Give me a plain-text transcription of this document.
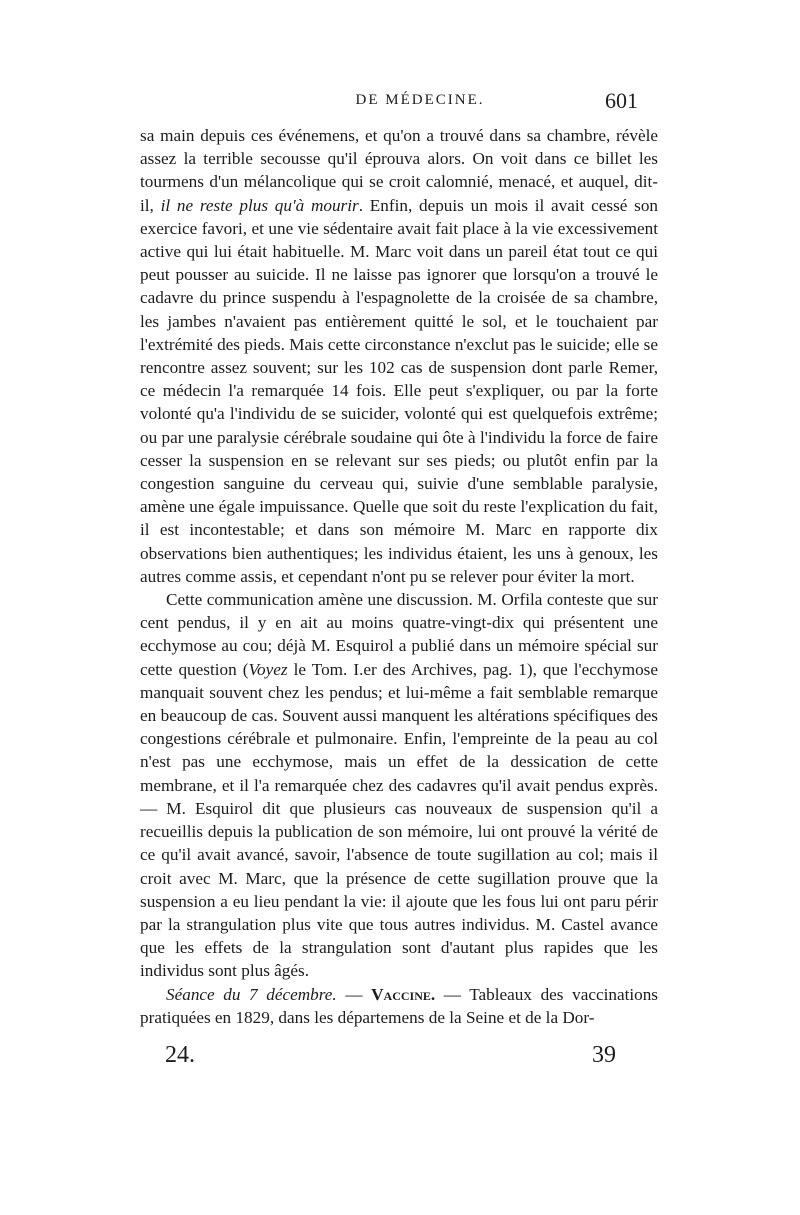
DE MÉDECINE.	601

sa main depuis ces événemens, et qu'on a trouvé dans sa chambre, révèle assez la terrible secousse qu'il éprouva alors. On voit dans ce billet les tourmens d'un mélancolique qui se croit calomnié, menacé, et auquel, dit-il, il ne reste plus qu'à mourir. Enfin, depuis un mois il avait cessé son exercice favori, et une vie sédentaire avait fait place à la vie excessivement active qui lui était habituelle. M. Marc voit dans un pareil état tout ce qui peut pousser au suicide. Il ne laisse pas ignorer que lorsqu'on a trouvé le cadavre du prince suspendu à l'espagnolette de la croisée de sa chambre, les jambes n'avaient pas entièrement quitté le sol, et le touchaient par l'extrémité des pieds. Mais cette circonstance n'exclut pas le suicide; elle se rencontre assez souvent; sur les 102 cas de suspension dont parle Remer, ce médecin l'a remarquée 14 fois. Elle peut s'expliquer, ou par la forte volonté qu'a l'individu de se suicider, volonté qui est quelquefois extrême; ou par une paralysie cérébrale soudaine qui ôte à l'individu la force de faire cesser la suspension en se relevant sur ses pieds; ou plutôt enfin par la congestion sanguine du cerveau qui, suivie d'une semblable paralysie, amène une égale impuissance. Quelle que soit du reste l'explication du fait, il est incontestable; et dans son mémoire M. Marc en rapporte dix observations bien authentiques; les individus étaient, les uns à genoux, les autres comme assis, et cependant n'ont pu se relever pour éviter la mort.

Cette communication amène une discussion. M. Orfila conteste que sur cent pendus, il y en ait au moins quatre-vingt-dix qui présentent une ecchymose au cou; déjà M. Esquirol a publié dans un mémoire spécial sur cette question (Voyez le Tom. I.er des Archives, pag. 1), que l'ecchymose manquait souvent chez les pendus; et lui-même a fait semblable remarque en beaucoup de cas. Souvent aussi manquent les altérations spécifiques des congestions cérébrale et pulmonaire. Enfin, l'empreinte de la peau au col n'est pas une ecchymose, mais un effet de la dessication de cette membrane, et il l'a remarquée chez des cadavres qu'il avait pendus exprès. — M. Esquirol dit que plusieurs cas nouveaux de suspension qu'il a recueillis depuis la publication de son mémoire, lui ont prouvé la vérité de ce qu'il avait avancé, savoir, l'absence de toute sugillation au col; mais il croit avec M. Marc, que la présence de cette sugillation prouve que la suspension a eu lieu pendant la vie: il ajoute que les fous lui ont paru périr par la strangulation plus vite que tous autres individus. M. Castel avance que les effets de la strangulation sont d'autant plus rapides que les individus sont plus âgés.

Séance du 7 décembre. — Vaccine. — Tableaux des vaccinations pratiquées en 1829, dans les départemens de la Seine et de la Dor-

24.	39
